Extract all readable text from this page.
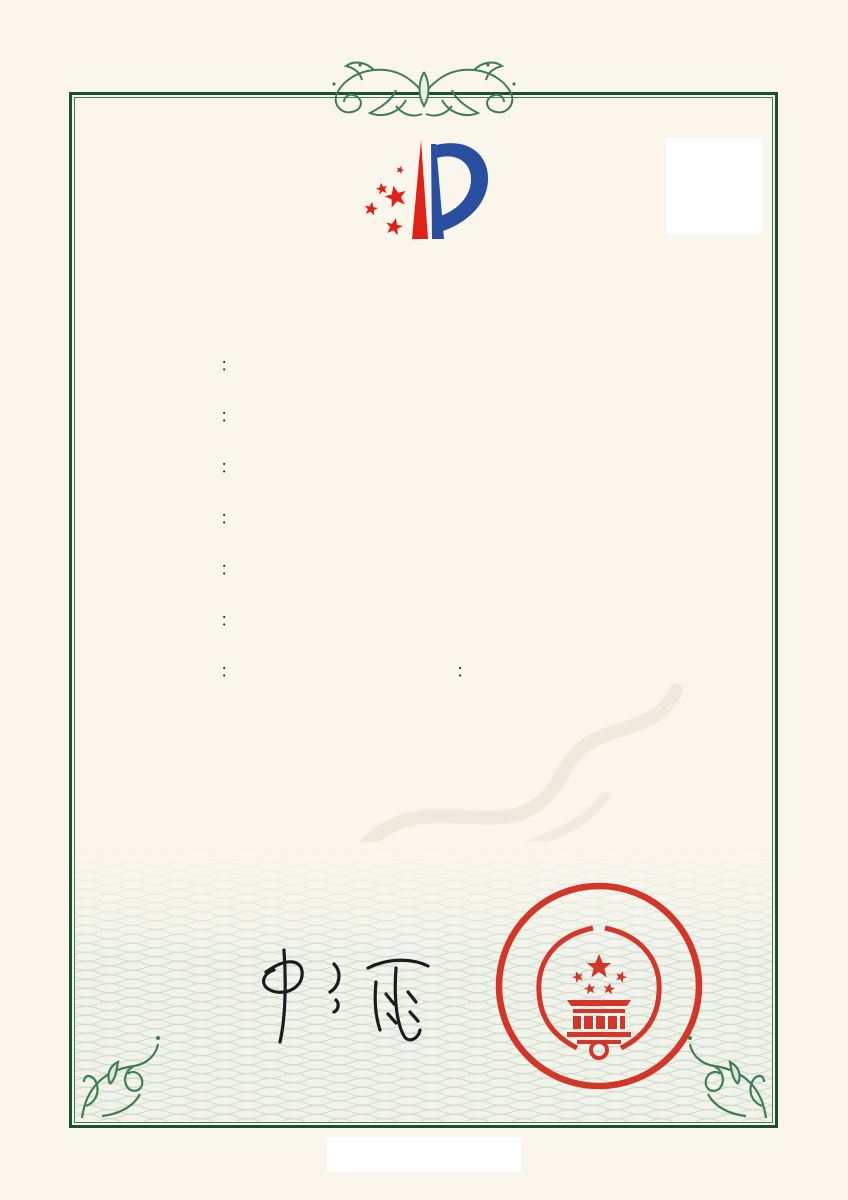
：
：
：
：
：
：
：	：
